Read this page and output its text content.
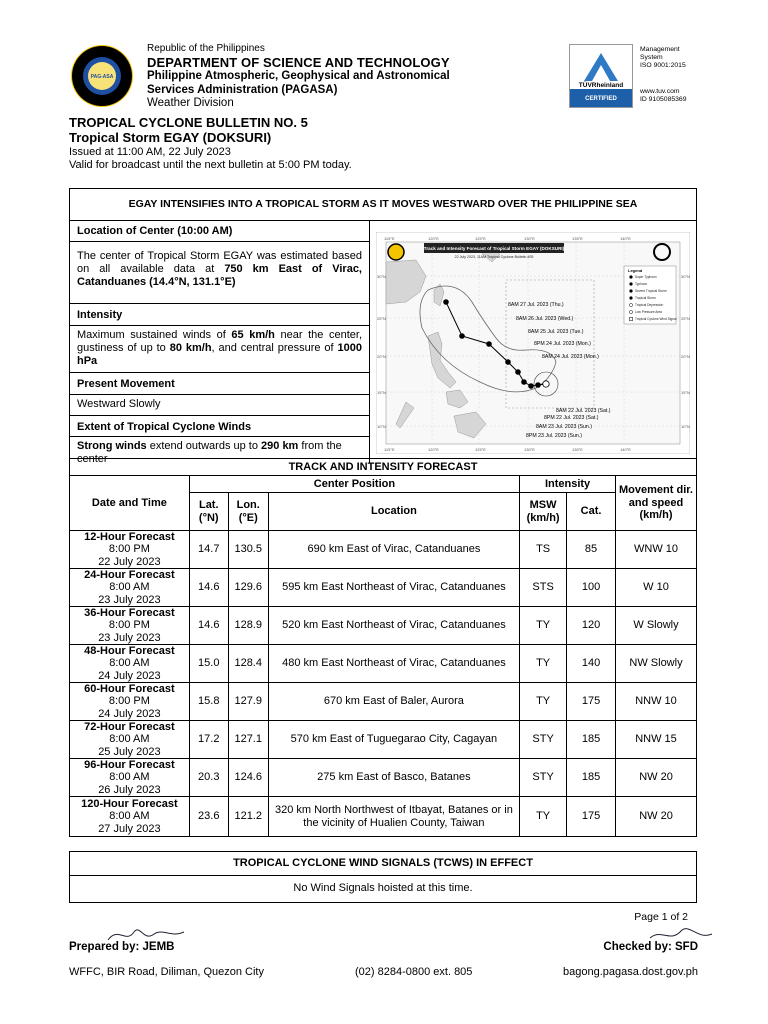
PAG-ASA
Republic of the Philippines
DEPARTMENT OF SCIENCE AND TECHNOLOGY
Philippine Atmospheric, Geophysical and Astronomical
Services Administration (PAGASA)
Weather Division
TÜVRheinland
CERTIFIED
Management
System
ISO 9001:2015
www.tuv.com
ID 9105085369
TROPICAL CYCLONE BULLETIN NO. 5
Tropical Storm EGAY (DOKSURI)
Issued at 11:00 AM, 22 July 2023
Valid for broadcast until the next bulletin at 5:00 PM today.
EGAY INTENSIFIES INTO A TROPICAL STORM AS IT MOVES WESTWARD OVER THE PHILIPPINE SEA
Location of Center (10:00 AM)
The center of Tropical Storm EGAY was estimated based on all available data at 750 km East of Virac, Catanduanes (14.4°N, 131.1°E)
Intensity
Maximum sustained winds of 65 km/h near the center, gustiness of up to 80 km/h, and central pressure of 1000 hPa
Present Movement
Westward Slowly
Extent of Tropical Cyclone Winds
Strong winds extend outwards up to 290 km from the center
115°E	120°E	125°E	130°E	135°E	140°E
115°E	120°E	125°E	130°E	135°E	140°E
30°N
25°N
20°N
15°N
10°N
30°N
25°N
20°N
15°N
10°N
Track and Intensity Forecast of Tropical Storm EGAY (DOKSURI)
22 July 2023, 11AM Tropical Cyclone Bulletin #05
Legend
Super Typhoon
Typhoon
Severe Tropical Storm
Tropical Storm
Tropical Depression
Low Pressure Area
Tropical Cyclone Wind Signal
8AM 27 Jul. 2023 (Thu.)
8AM 26 Jul. 2023 (Wed.)
8AM 25 Jul. 2023 (Tue.)
8PM 24 Jul. 2023 (Mon.)
8AM 24 Jul. 2023 (Mon.)
8AM 22 Jul. 2023 (Sat.)
8PM 22 Jul. 2023 (Sat.)
8AM 23 Jul. 2023 (Sun.)
8PM 23 Jul. 2023 (Sun.)
TRACK AND INTENSITY FORECAST						
Date and Time	Center Position			Intensity		Movement dir. and speed (km/h)
	Lat. (°N)	Lon. (°E)	Location	MSW (km/h)	Cat.	
12-Hour Forecast
8:00 PM
22 July 2023	14.7	130.5	690 km East of Virac, Catanduanes	TS	85	WNW 10
24-Hour Forecast
8:00 AM
23 July 2023	14.6	129.6	595 km East Northeast of Virac, Catanduanes	STS	100	W 10
36-Hour Forecast
8:00 PM
23 July 2023	14.6	128.9	520 km East Northeast of Virac, Catanduanes	TY	120	W Slowly
48-Hour Forecast
8:00 AM
24 July 2023	15.0	128.4	480 km East Northeast of Virac, Catanduanes	TY	140	NW Slowly
60-Hour Forecast
8:00 PM
24 July 2023	15.8	127.9	670 km East of Baler, Aurora	TY	175	NNW 10
72-Hour Forecast
8:00 AM
25 July 2023	17.2	127.1	570 km East of Tuguegarao City, Cagayan	STY	185	NNW 15
96-Hour Forecast
8:00 AM
26 July 2023	20.3	124.6	275 km East of Basco, Batanes	STY	185	NW 20
120-Hour Forecast
8:00 AM
27 July 2023	23.6	121.2	320 km North Northwest of Itbayat, Batanes or in the vicinity of Hualien County, Taiwan	TY	175	NW 20
TROPICAL CYCLONE WIND SIGNALS (TCWS) IN EFFECT
No Wind Signals hoisted at this time.
Page 1 of 2
Prepared by: JEMB	Checked by: SFD
WFFC, BIR Road, Diliman, Quezon City	(02) 8284-0800 ext. 805	bagong.pagasa.dost.gov.ph
